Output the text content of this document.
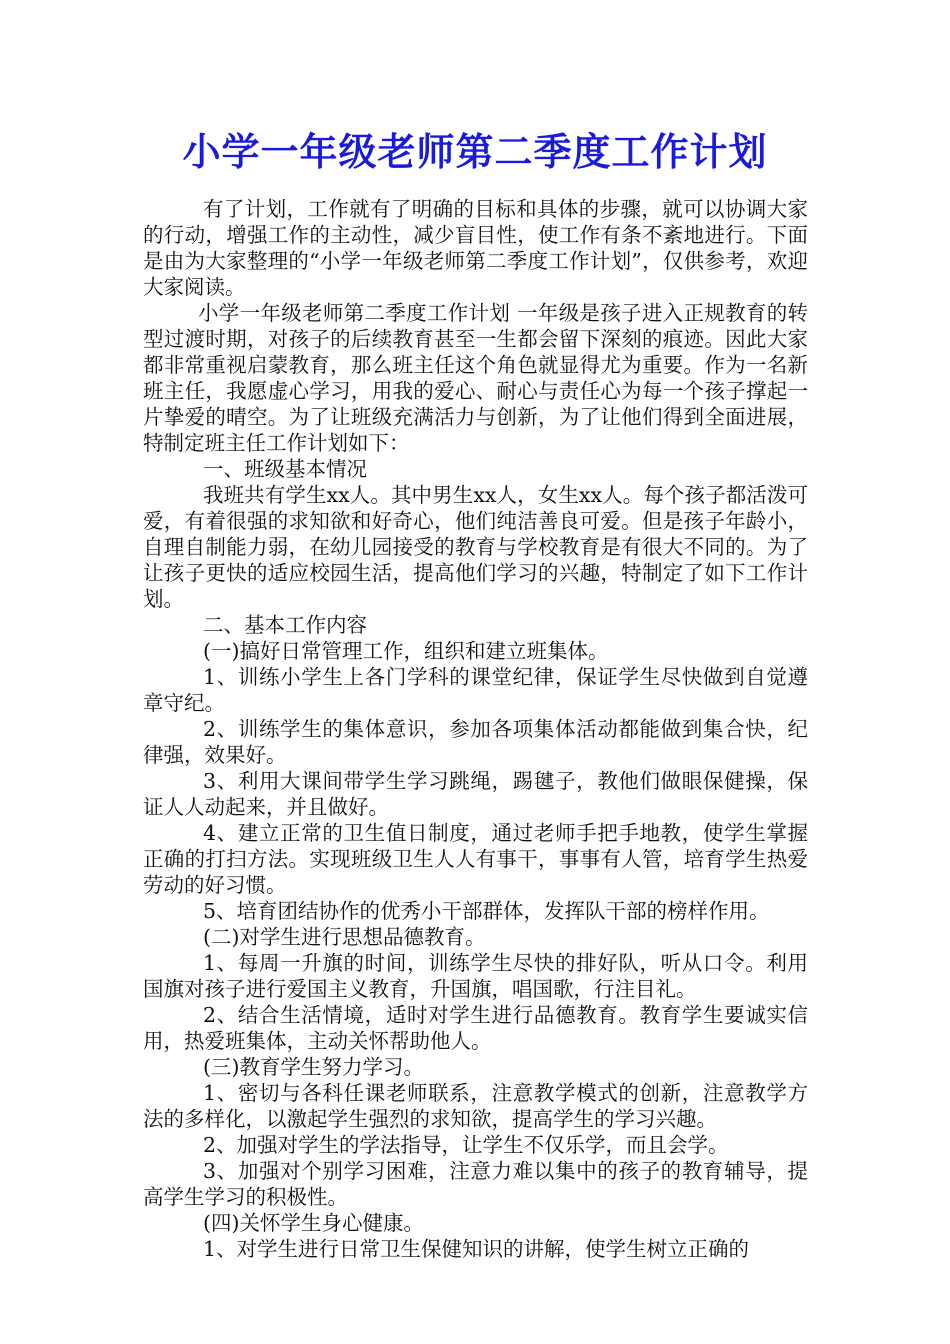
小学一年级老师第二季度工作计划

有了计划，工作就有了明确的目标和具体的步骤，就可以协调大家的行动，增强工作的主动性，减少盲目性，使工作有条不紊地进行。下面是由为大家整理的“小学一年级老师第二季度工作计划”，仅供参考，欢迎大家阅读。

小学一年级老师第二季度工作计划 一年级是孩子进入正规教育的转型过渡时期，对孩子的后续教育甚至一生都会留下深刻的痕迹。因此大家都非常重视启蒙教育，那么班主任这个角色就显得尤为重要。作为一名新班主任，我愿虚心学习，用我的爱心、耐心与责任心为每一个孩子撑起一片挚爱的晴空。为了让班级充满活力与创新，为了让他们得到全面进展，特制定班主任工作计划如下：

一、班级基本情况

我班共有学生xx人。其中男生xx人，女生xx人。每个孩子都活泼可爱，有着很强的求知欲和好奇心，他们纯洁善良可爱。但是孩子年龄小，自理自制能力弱，在幼儿园接受的教育与学校教育是有很大不同的。为了让孩子更快的适应校园生活，提高他们学习的兴趣，特制定了如下工作计划。

二、基本工作内容

(一)搞好日常管理工作，组织和建立班集体。

1、训练小学生上各门学科的课堂纪律，保证学生尽快做到自觉遵章守纪。

2、训练学生的集体意识，参加各项集体活动都能做到集合快，纪律强，效果好。

3、利用大课间带学生学习跳绳，踢毽子，教他们做眼保健操，保证人人动起来，并且做好。

4、建立正常的卫生值日制度，通过老师手把手地教，使学生掌握正确的打扫方法。实现班级卫生人人有事干，事事有人管，培育学生热爱劳动的好习惯。

5、培育团结协作的优秀小干部群体，发挥队干部的榜样作用。

(二)对学生进行思想品德教育。

1、每周一升旗的时间，训练学生尽快的排好队，听从口令。利用国旗对孩子进行爱国主义教育，升国旗，唱国歌，行注目礼。

2、结合生活情境，适时对学生进行品德教育。教育学生要诚实信用，热爱班集体，主动关怀帮助他人。

(三)教育学生努力学习。

1、密切与各科任课老师联系，注意教学模式的创新，注意教学方法的多样化，以激起学生强烈的求知欲，提高学生的学习兴趣。

2、加强对学生的学法指导，让学生不仅乐学，而且会学。

3、加强对个别学习困难，注意力难以集中的孩子的教育辅导，提高学生学习的积极性。

(四)关怀学生身心健康。

1、对学生进行日常卫生保健知识的讲解，使学生树立正确的
